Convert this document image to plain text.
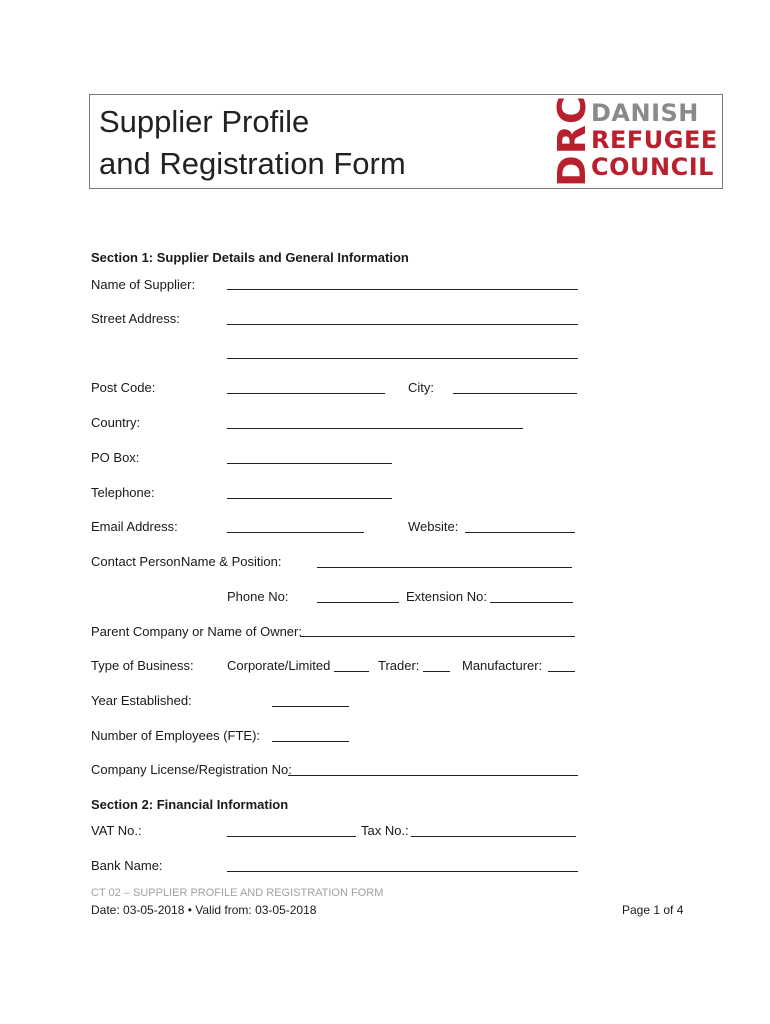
Supplier Profile
and Registration Form	DRC
DANISH
REFUGEE
COUNCIL
Section 1: Supplier Details and General Information
Name of Supplier:
Street Address:
Post Code:	City:
Country:
PO Box:
Telephone:
Email Address:	Website:
Contact Person:
Name & Position:
Phone No:	Extension No:
Parent Company or Name of Owner:
Type of Business:	Corporate/Limited	Trader:	Manufacturer:
Year Established:
Number of Employees (FTE):
Company License/Registration No:
Section 2: Financial Information
VAT No.:	Tax No.:
Bank Name:
CT 02 – SUPPLIER PROFILE AND REGISTRATION FORM
Date: 03-05-2018 • Valid from: 03-05-2018	Page 1 of 4
